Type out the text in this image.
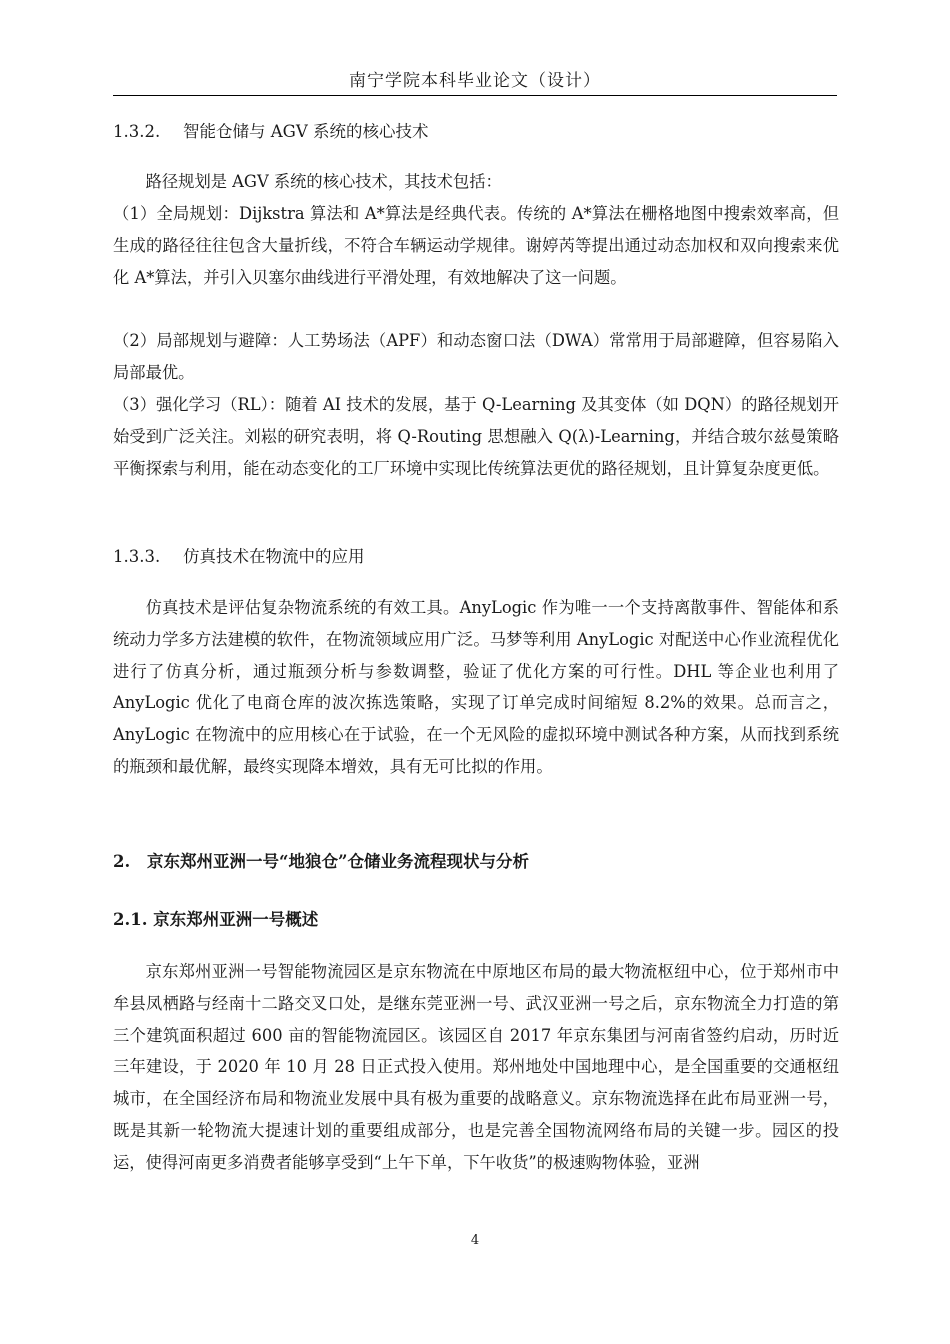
南宁学院本科毕业论文（设计）
1.3.2. 智能仓储与 AGV 系统的核心技术
路径规划是 AGV 系统的核心技术，其技术包括：
（1）全局规划：Dijkstra 算法和 A*算法是经典代表。传统的 A*算法在栅格地图中搜索效率高，但生成的路径往往包含大量折线，不符合车辆运动学规律。谢婷芮等提出通过动态加权和双向搜索来优化 A*算法，并引入贝塞尔曲线进行平滑处理，有效地解决了这一问题。
（2）局部规划与避障：人工势场法（APF）和动态窗口法（DWA）常常用于局部避障，但容易陷入局部最优。
（3）强化学习（RL）：随着 AI 技术的发展，基于 Q-Learning 及其变体（如 DQN）的路径规划开始受到广泛关注。刘崧的研究表明，将 Q-Routing 思想融入 Q(λ)-Learning，并结合玻尔兹曼策略平衡探索与利用，能在动态变化的工厂环境中实现比传统算法更优的路径规划，且计算复杂度更低。
1.3.3. 仿真技术在物流中的应用
仿真技术是评估复杂物流系统的有效工具。AnyLogic 作为唯一一个支持离散事件、智能体和系统动力学多方法建模的软件，在物流领域应用广泛。马梦等利用 AnyLogic 对配送中心作业流程优化进行了仿真分析，通过瓶颈分析与参数调整，验证了优化方案的可行性。DHL 等企业也利用了 AnyLogic 优化了电商仓库的波次拣选策略，实现了订单完成时间缩短 8.2%的效果。总而言之，AnyLogic 在物流中的应用核心在于试验，在一个无风险的虚拟环境中测试各种方案，从而找到系统的瓶颈和最优解，最终实现降本增效，具有无可比拟的作用。
2. 京东郑州亚洲一号“地狼仓”仓储业务流程现状与分析
2.1. 京东郑州亚洲一号概述
京东郑州亚洲一号智能物流园区是京东物流在中原地区布局的最大物流枢纽中心，位于郑州市中牟县凤栖路与经南十二路交叉口处，是继东莞亚洲一号、武汉亚洲一号之后，京东物流全力打造的第三个建筑面积超过 600 亩的智能物流园区。该园区自 2017 年京东集团与河南省签约启动，历时近三年建设，于 2020 年 10 月 28 日正式投入使用。郑州地处中国地理中心，是全国重要的交通枢纽城市，在全国经济布局和物流业发展中具有极为重要的战略意义。京东物流选择在此布局亚洲一号，既是其新一轮物流大提速计划的重要组成部分，也是完善全国物流网络布局的关键一步。园区的投运，使得河南更多消费者能够享受到“上午下单，下午收货”的极速购物体验，亚洲
4
